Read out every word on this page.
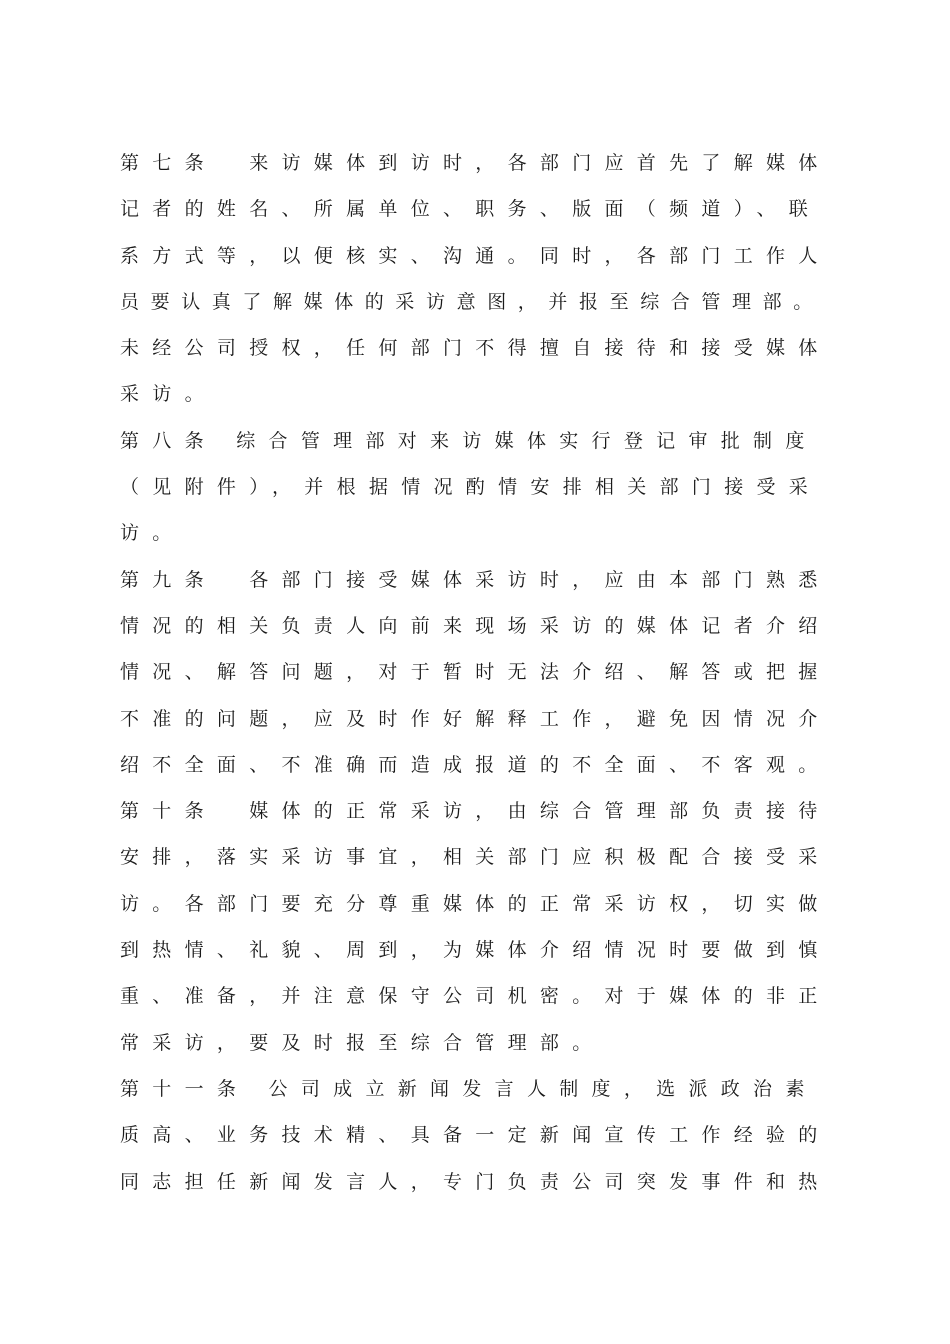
第七条　来访媒体到访时，各部门应首先了解媒体
记者的姓名、所属单位、职务、版面（频道）、联
系方式等，以便核实、沟通。同时，各部门工作人
员要认真了解媒体的采访意图，并报至综合管理部。
未经公司授权，任何部门不得擅自接待和接受媒体
采访。
第八条 综合管理部对来访媒体实行登记审批制度
（见附件），并根据情况酌情安排相关部门接受采
访。
第九条　各部门接受媒体采访时，应由本部门熟悉
情况的相关负责人向前来现场采访的媒体记者介绍
情况、解答问题，对于暂时无法介绍、解答或把握
不准的问题，应及时作好解释工作，避免因情况介
绍不全面、不准确而造成报道的不全面、不客观。
第十条　媒体的正常采访，由综合管理部负责接待
安排，落实采访事宜，相关部门应积极配合接受采
访。各部门要充分尊重媒体的正常采访权，切实做
到热情、礼貌、周到，为媒体介绍情况时要做到慎
重、准备，并注意保守公司机密。对于媒体的非正
常采访，要及时报至综合管理部。
第十一条 公司成立新闻发言人制度，选派政治素
质高、业务技术精、具备一定新闻宣传工作经验的
同志担任新闻发言人，专门负责公司突发事件和热
